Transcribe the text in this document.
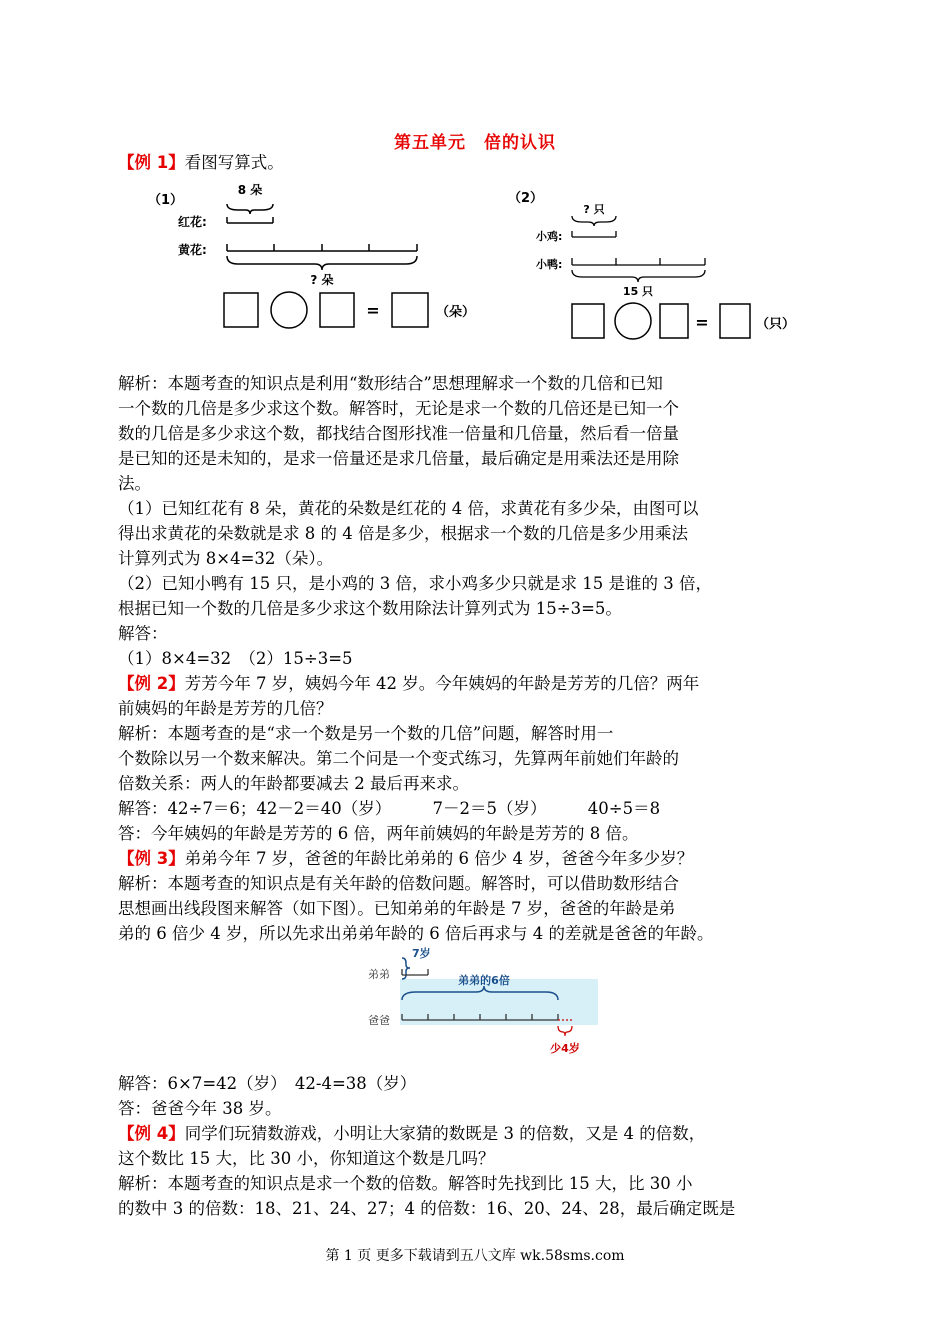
第五单元　倍的认识
【例 1】看图写算式。
（1）
红花:
黄花:
8 朵
? 朵
=	（朵）
（2）
? 只
小鸡:
小鸭:
15 只
=	（只）
解析：本题考查的知识点是利用“数形结合”思想理解求一个数的几倍和已知
一个数的几倍是多少求这个数。解答时，无论是求一个数的几倍还是已知一个
数的几倍是多少求这个数，都找结合图形找准一倍量和几倍量，然后看一倍量
是已知的还是未知的，是求一倍量还是求几倍量，最后确定是用乘法还是用除
法。
（1）已知红花有 8 朵，黄花的朵数是红花的 4 倍，求黄花有多少朵，由图可以
得出求黄花的朵数就是求 8 的 4 倍是多少，根据求一个数的几倍是多少用乘法
计算列式为 8×4=32（朵）。
（2）已知小鸭有 15 只，是小鸡的 3 倍，求小鸡多少只就是求 15 是谁的 3 倍，
根据已知一个数的几倍是多少求这个数用除法计算列式为 15÷3=5。
解答：
（1）8×4=32　（2）15÷3=5
【例 2】芳芳今年 7 岁，姨妈今年 42 岁。今年姨妈的年龄是芳芳的几倍？两年
前姨妈的年龄是芳芳的几倍？
解析：本题考查的是“求一个数是另一个数的几倍”问题，解答时用一
个数除以另一个数来解决。第二个问是一个变式练习，先算两年前她们年龄的
倍数关系：两人的年龄都要减去 2 最后再来求。
解答：42÷7＝6；42－2＝40（岁）　　　7－2＝5（岁）　　　40÷5＝8
答：今年姨妈的年龄是芳芳的 6 倍，两年前姨妈的年龄是芳芳的 8 倍。
【例 3】弟弟今年 7 岁，爸爸的年龄比弟弟的 6 倍少 4 岁，爸爸今年多少岁？
解析：本题考查的知识点是有关年龄的倍数问题。解答时，可以借助数形结合
思想画出线段图来解答（如下图）。已知弟弟的年龄是 7 岁，爸爸的年龄是弟
弟的 6 倍少 4 岁，所以先求出弟弟年龄的 6 倍后再求与 4 的差就是爸爸的年龄。
7岁
弟弟	弟弟的6倍
爸爸
少4岁
解答：6×7=42（岁）　42-4=38（岁）
答：爸爸今年 38 岁。
【例 4】同学们玩猜数游戏，小明让大家猜的数既是 3 的倍数，又是 4 的倍数，
这个数比 15 大，比 30 小，你知道这个数是几吗？
解析：本题考查的知识点是求一个数的倍数。解答时先找到比 15 大，比 30 小
的数中 3 的倍数：18、21、24、27；4 的倍数：16、20、24、28，最后确定既是
第 1 页 更多下载请到五八文库 wk.58sms.com
